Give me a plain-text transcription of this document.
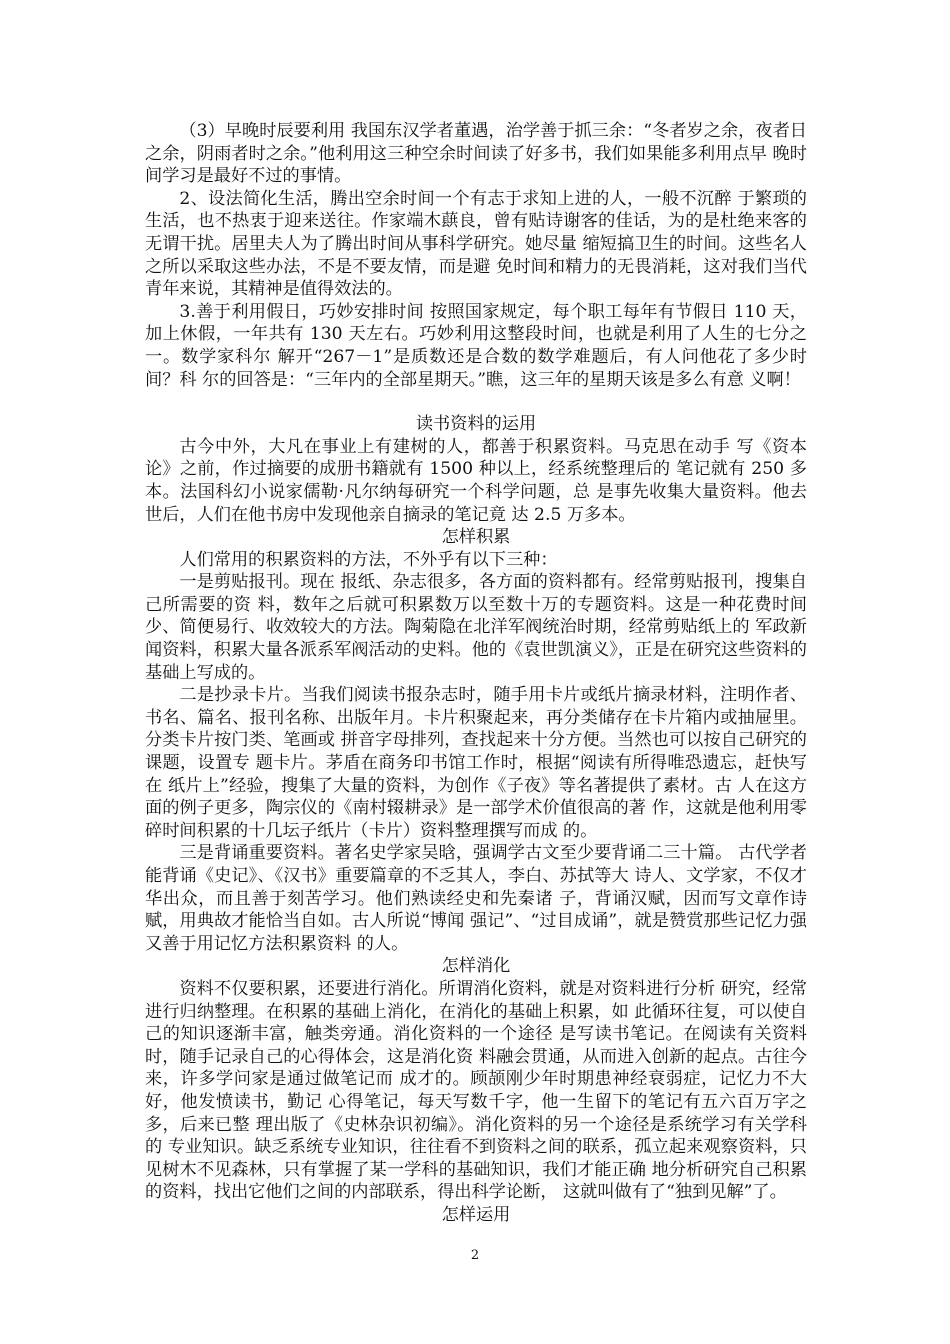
（3）早晚时辰要利用 我国东汉学者董遇，治学善于抓三余：“冬者岁之余，夜者日之余，阴雨者时之余。”他利用这三种空余时间读了好多书，我们如果能多利用点早 晚时间学习是最好不过的事情。

2、设法简化生活，腾出空余时间一个有志于求知上进的人，一般不沉醉 于繁琐的生活，也不热衷于迎来送往。作家端木蕻良，曾有贴诗谢客的佳话，为的是杜绝来客的无谓干扰。居里夫人为了腾出时间从事科学研究。她尽量 缩短搞卫生的时间。这些名人之所以采取这些办法，不是不要友情，而是避 免时间和精力的无畏消耗，这对我们当代青年来说，其精神是值得效法的。

3.善于利用假日，巧妙安排时间 按照国家规定，每个职工每年有节假日 110 天，加上休假，一年共有 130 天左右。巧妙利用这整段时间，也就是利用了人生的七分之一。数学家科尔 解开“267－1”是质数还是合数的数学难题后，有人问他花了多少时间？科 尔的回答是：“三年内的全部星期天。”瞧，这三年的星期天该是多么有意 义啊！

读书资料的运用

古今中外，大凡在事业上有建树的人，都善于积累资料。马克思在动手 写《资本论》之前，作过摘要的成册书籍就有 1500 种以上，经系统整理后的 笔记就有 250 多本。法国科幻小说家儒勒·凡尔纳每研究一个科学问题，总 是事先收集大量资料。他去世后，人们在他书房中发现他亲自摘录的笔记竟 达 2.5 万多本。

怎样积累

人们常用的积累资料的方法，不外乎有以下三种：

一是剪贴报刊。现在 报纸、杂志很多，各方面的资料都有。经常剪贴报刊，搜集自己所需要的资 料，数年之后就可积累数万以至数十万的专题资料。这是一种花费时间少、简便易行、收效较大的方法。陶菊隐在北洋军阀统治时期，经常剪贴纸上的 军政新闻资料，积累大量各派系军阀活动的史料。他的《袁世凯演义》，正是在研究这些资料的基础上写成的。

二是抄录卡片。当我们阅读书报杂志时，随手用卡片或纸片摘录材料，注明作者、书名、篇名、报刊名称、出版年月。卡片积聚起来，再分类储存在卡片箱内或抽屉里。分类卡片按门类、笔画或 拼音字母排列，查找起来十分方便。当然也可以按自己研究的课题，设置专 题卡片。茅盾在商务印书馆工作时，根据“阅读有所得唯恐遗忘，赶快写在 纸片上”经验，搜集了大量的资料，为创作《子夜》等名著提供了素材。古 人在这方面的例子更多，陶宗仪的《南村辍耕录》是一部学术价值很高的著 作，这就是他利用零碎时间积累的十几坛子纸片（卡片）资料整理撰写而成 的。

三是背诵重要资料。著名史学家吴晗，强调学古文至少要背诵二三十篇。 古代学者能背诵《史记》、《汉书》重要篇章的不乏其人，李白、苏拭等大 诗人、文学家，不仅才华出众，而且善于刻苦学习。他们熟读经史和先秦诸 子，背诵汉赋，因而写文章作诗赋，用典故才能恰当自如。古人所说“博闻 强记”、“过目成诵”，就是赞赏那些记忆力强又善于用记忆方法积累资料 的人。

怎样消化

资料不仅要积累，还要进行消化。所谓消化资料，就是对资料进行分析 研究，经常进行归纳整理。在积累的基础上消化，在消化的基础上积累，如 此循环往复，可以使自己的知识逐渐丰富，触类旁通。消化资料的一个途径 是写读书笔记。在阅读有关资料时，随手记录自己的心得体会，这是消化资 料融会贯通，从而进入创新的起点。古往今来，许多学问家是通过做笔记而 成才的。顾颉刚少年时期患神经衰弱症，记忆力不大好，他发愤读书，勤记 心得笔记，每天写数千字，他一生留下的笔记有五六百万字之多，后来已整 理出版了《史林杂识初编》。消化资料的另一个途径是系统学习有关学科的 专业知识。缺乏系统专业知识，往往看不到资料之间的联系，孤立起来观察资料，只见树木不见森林，只有掌握了某一学科的基础知识，我们才能正确 地分析研究自己积累的资料，找出它他们之间的内部联系，得出科学论断， 这就叫做有了“独到见解”了。

怎样运用
2
